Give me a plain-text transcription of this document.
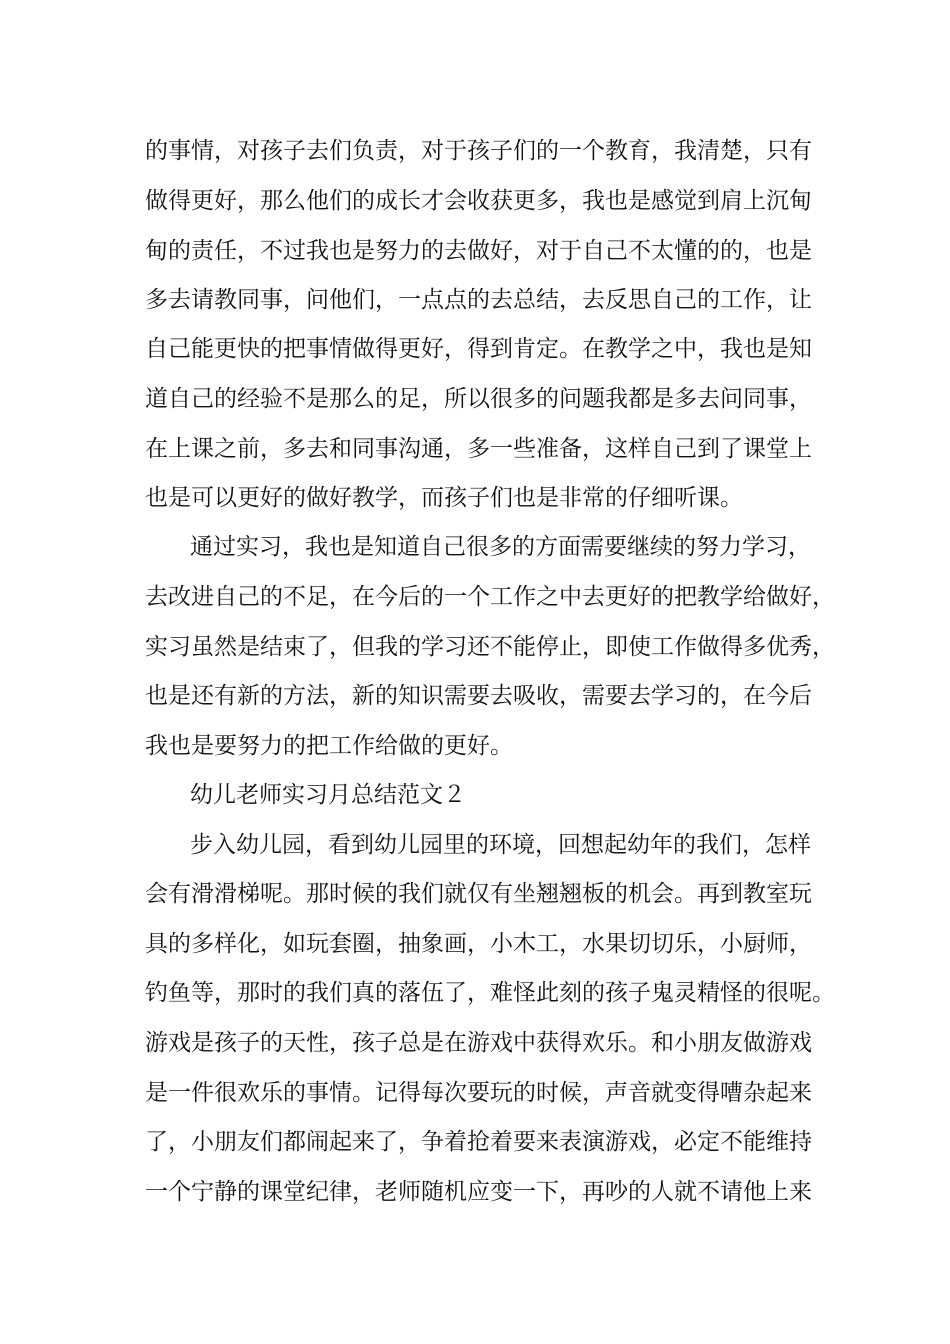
的事情，对孩子去们负责，对于孩子们的一个教育，我清楚，只有

做得更好，那么他们的成长才会收获更多，我也是感觉到肩上沉甸

甸的责任，不过我也是努力的去做好，对于自己不太懂的的，也是

多去请教同事，问他们，一点点的去总结，去反思自己的工作，让

自己能更快的把事情做得更好，得到肯定。在教学之中，我也是知

道自己的经验不是那么的足，所以很多的问题我都是多去问同事，

在上课之前，多去和同事沟通，多一些准备，这样自己到了课堂上

也是可以更好的做好教学，而孩子们也是非常的仔细听课。

通过实习，我也是知道自己很多的方面需要继续的努力学习，

去改进自己的不足，在今后的一个工作之中去更好的把教学给做好，

实习虽然是结束了，但我的学习还不能停止，即使工作做得多优秀，

也是还有新的方法，新的知识需要去吸收，需要去学习的，在今后

我也是要努力的把工作给做的更好。

幼儿老师实习月总结范文２

步入幼儿园，看到幼儿园里的环境，回想起幼年的我们，怎样

会有滑滑梯呢。那时候的我们就仅有坐翘翘板的机会。再到教室玩

具的多样化，如玩套圈，抽象画，小木工，水果切切乐，小厨师，

钓鱼等，那时的我们真的落伍了，难怪此刻的孩子鬼灵精怪的很呢。

游戏是孩子的天性，孩子总是在游戏中获得欢乐。和小朋友做游戏

是一件很欢乐的事情。记得每次要玩的时候，声音就变得嘈杂起来

了，小朋友们都闹起来了，争着抢着要来表演游戏，必定不能维持

一个宁静的课堂纪律，老师随机应变一下，再吵的人就不请他上来
